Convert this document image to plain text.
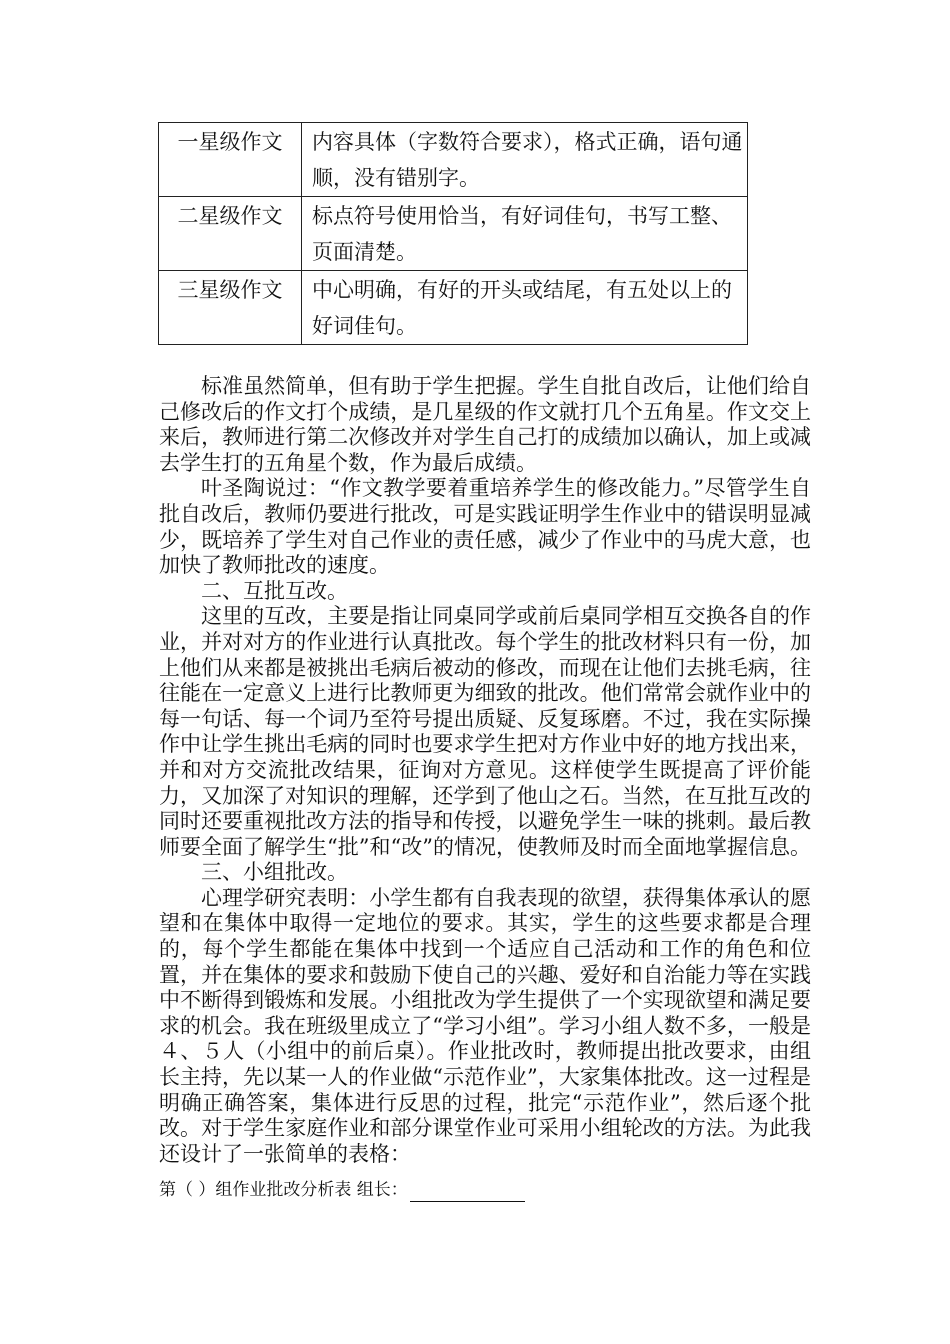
一星级作文	内容具体（字数符合要求），格式正确，语句通顺，没有错别字。
二星级作文	标点符号使用恰当，有好词佳句，书写工整、页面清楚。
三星级作文	中心明确，有好的开头或结尾，有五处以上的好词佳句。

标准虽然简单，但有助于学生把握。学生自批自改后，让他们给自己修改后的作文打个成绩，是几星级的作文就打几个五角星。作文交上来后，教师进行第二次修改并对学生自己打的成绩加以确认，加上或减去学生打的五角星个数，作为最后成绩。

叶圣陶说过：“作文教学要着重培养学生的修改能力。”尽管学生自批自改后，教师仍要进行批改，可是实践证明学生作业中的错误明显减少，既培养了学生对自己作业的责任感，减少了作业中的马虎大意，也加快了教师批改的速度。

二、互批互改。

这里的互改，主要是指让同桌同学或前后桌同学相互交换各自的作业，并对对方的作业进行认真批改。每个学生的批改材料只有一份，加上他们从来都是被挑出毛病后被动的修改，而现在让他们去挑毛病，往往能在一定意义上进行比教师更为细致的批改。他们常常会就作业中的每一句话、每一个词乃至符号提出质疑、反复琢磨。不过，我在实际操作中让学生挑出毛病的同时也要求学生把对方作业中好的地方找出来，并和对方交流批改结果，征询对方意见。这样使学生既提高了评价能力，又加深了对知识的理解，还学到了他山之石。当然，在互批互改的同时还要重视批改方法的指导和传授，以避免学生一味的挑刺。最后教师要全面了解学生“批”和“改”的情况，使教师及时而全面地掌握信息。

三、小组批改。

心理学研究表明：小学生都有自我表现的欲望，获得集体承认的愿望和在集体中取得一定地位的要求。其实，学生的这些要求都是合理的，每个学生都能在集体中找到一个适应自己活动和工作的角色和位置，并在集体的要求和鼓励下使自己的兴趣、爱好和自治能力等在实践中不断得到锻炼和发展。小组批改为学生提供了一个实现欲望和满足要求的机会。我在班级里成立了“学习小组”。学习小组人数不多，一般是４、５人（小组中的前后桌）。作业批改时，教师提出批改要求，由组长主持，先以某一人的作业做“示范作业”，大家集体批改。这一过程是明确正确答案，集体进行反思的过程，批完“示范作业”，然后逐个批改。对于学生家庭作业和部分课堂作业可采用小组轮改的方法。为此我还设计了一张简单的表格：

第（ ）组作业批改分析表 组长：
